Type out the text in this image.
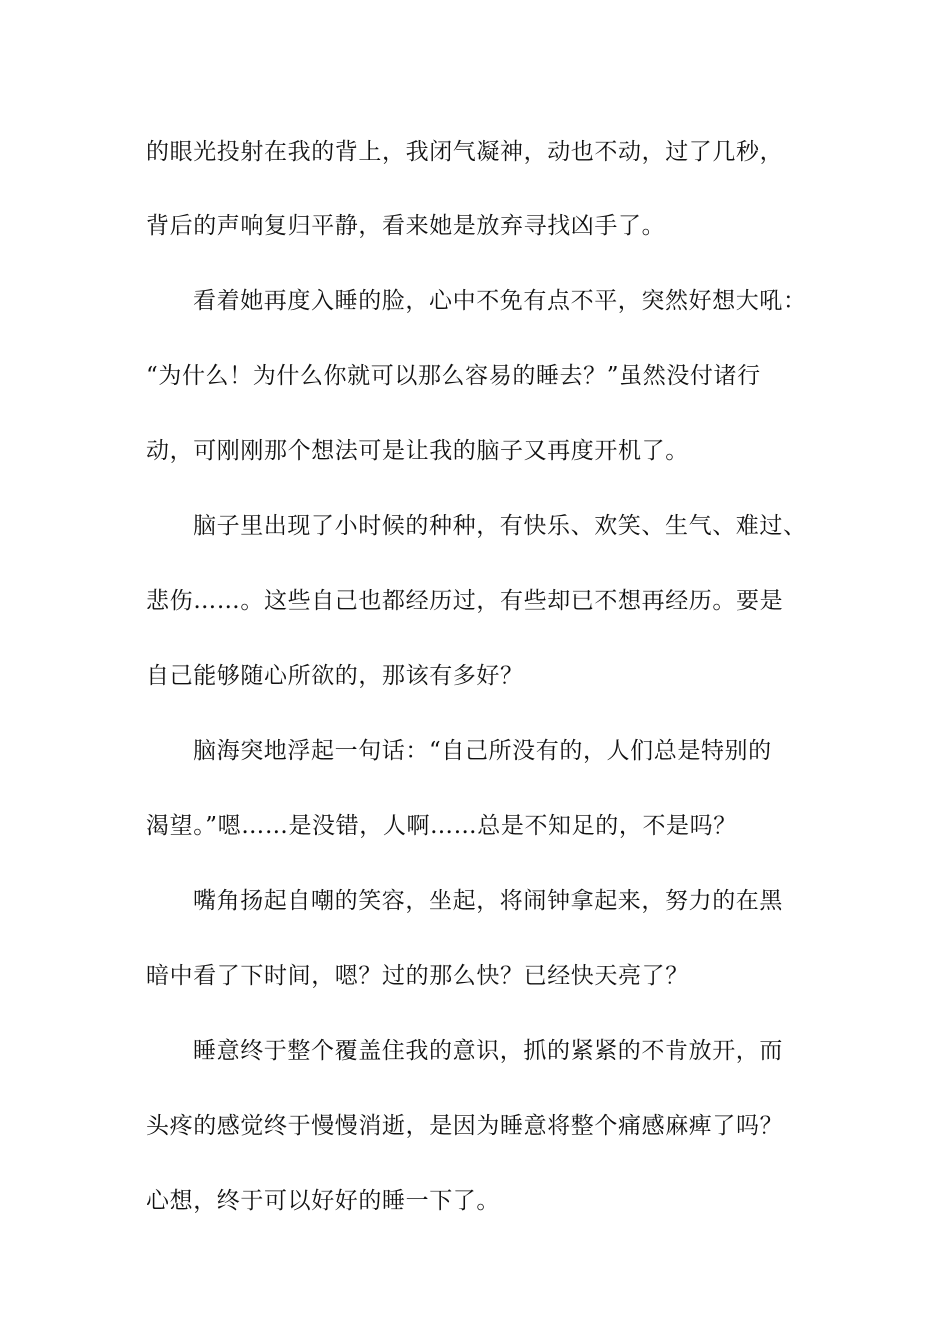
的眼光投射在我的背上，我闭气凝神，动也不动，过了几秒，
背后的声响复归平静，看来她是放弃寻找凶手了。
看着她再度入睡的脸，心中不免有点不平，突然好想大吼：
“为什么！为什么你就可以那么容易的睡去？”虽然没付诸行
动，可刚刚那个想法可是让我的脑子又再度开机了。
脑子里出现了小时候的种种，有快乐、欢笑、生气、难过、
悲伤……。这些自己也都经历过，有些却已不想再经历。要是
自己能够随心所欲的，那该有多好？
脑海突地浮起一句话：“自己所没有的，人们总是特别的
渴望。”嗯……是没错，人啊……总是不知足的，不是吗？
嘴角扬起自嘲的笑容，坐起，将闹钟拿起来，努力的在黑
暗中看了下时间，嗯？过的那么快？已经快天亮了？
睡意终于整个覆盖住我的意识，抓的紧紧的不肯放开，而
头疼的感觉终于慢慢消逝，是因为睡意将整个痛感麻痺了吗？
心想，终于可以好好的睡一下了。
